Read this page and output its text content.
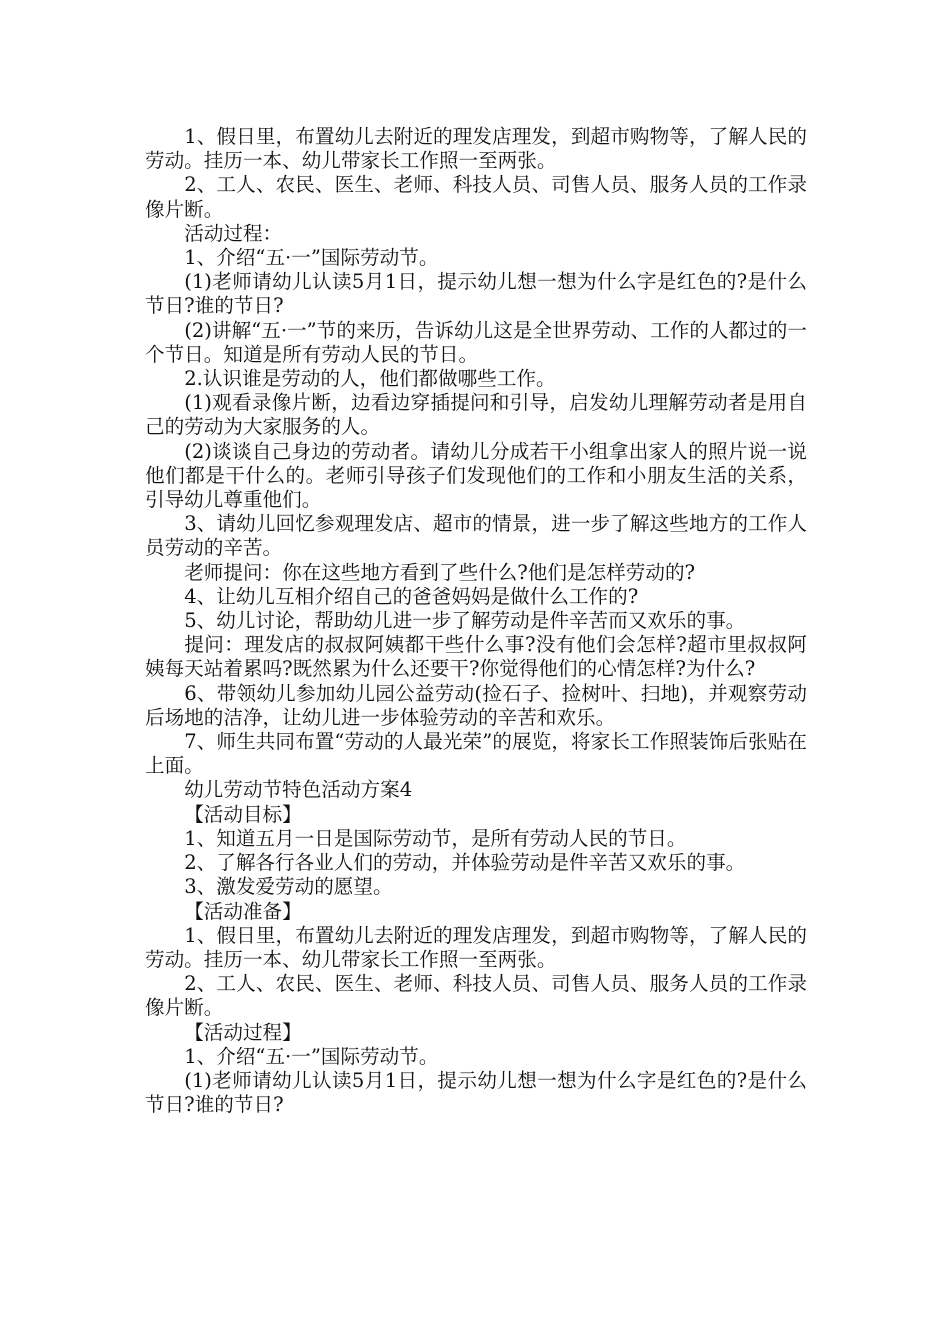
1、假日里，布置幼儿去附近的理发店理发，到超市购物等，了解人民的劳动。挂历一本、幼儿带家长工作照一至两张。

2、工人、农民、医生、老师、科技人员、司售人员、服务人员的工作录像片断。

活动过程：

1、介绍“五·一”国际劳动节。

(1)老师请幼儿认读5月1日，提示幼儿想一想为什么字是红色的?是什么节日?谁的节日?

(2)讲解“五·一”节的来历，告诉幼儿这是全世界劳动、工作的人都过的一个节日。知道是所有劳动人民的节日。

2.认识谁是劳动的人，他们都做哪些工作。

(1)观看录像片断，边看边穿插提问和引导，启发幼儿理解劳动者是用自己的劳动为大家服务的人。

(2)谈谈自己身边的劳动者。请幼儿分成若干小组拿出家人的照片说一说他们都是干什么的。老师引导孩子们发现他们的工作和小朋友生活的关系，引导幼儿尊重他们。

3、请幼儿回忆参观理发店、超市的情景，进一步了解这些地方的工作人员劳动的辛苦。

老师提问：你在这些地方看到了些什么?他们是怎样劳动的?

4、让幼儿互相介绍自己的爸爸妈妈是做什么工作的?

5、幼儿讨论，帮助幼儿进一步了解劳动是件辛苦而又欢乐的事。

提问：理发店的叔叔阿姨都干些什么事?没有他们会怎样?超市里叔叔阿姨每天站着累吗?既然累为什么还要干?你觉得他们的心情怎样?为什么?

6、带领幼儿参加幼儿园公益劳动(捡石子、捡树叶、扫地)，并观察劳动后场地的洁净，让幼儿进一步体验劳动的辛苦和欢乐。

7、师生共同布置“劳动的人最光荣”的展览，将家长工作照装饰后张贴在上面。

幼儿劳动节特色活动方案4

【活动目标】

1、知道五月一日是国际劳动节，是所有劳动人民的节日。

2、了解各行各业人们的劳动，并体验劳动是件辛苦又欢乐的事。

3、激发爱劳动的愿望。

【活动准备】

1、假日里，布置幼儿去附近的理发店理发，到超市购物等，了解人民的劳动。挂历一本、幼儿带家长工作照一至两张。

2、工人、农民、医生、老师、科技人员、司售人员、服务人员的工作录像片断。

【活动过程】

1、介绍“五·一”国际劳动节。

(1)老师请幼儿认读5月1日，提示幼儿想一想为什么字是红色的?是什么节日?谁的节日?
